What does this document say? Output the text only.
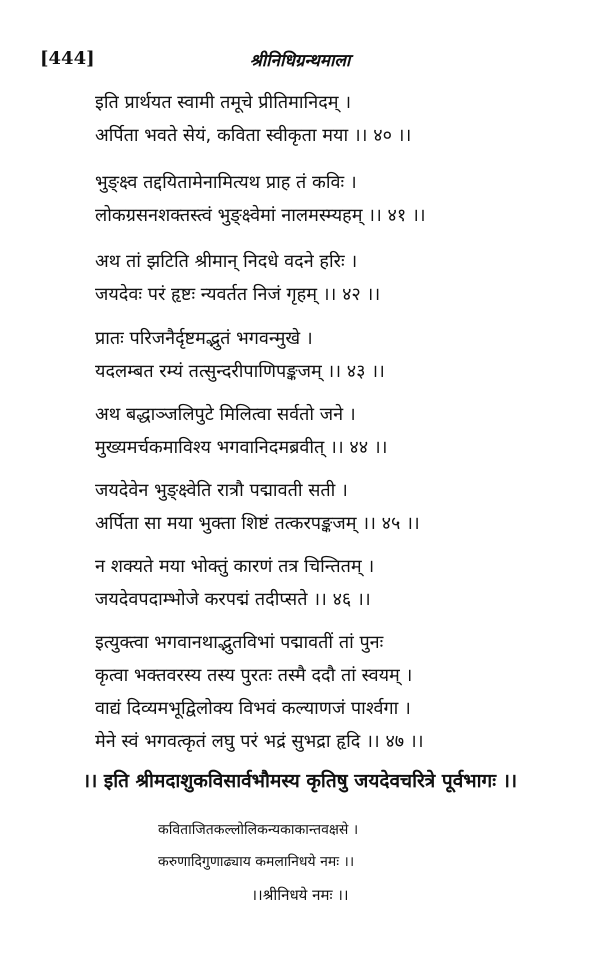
[444]	श्रीनिधिग्रन्थमाला
इति प्रार्थयत स्वामी तमूचे प्रीतिमानिदम् ।
अर्पिता भवते सेयं, कविता स्वीकृता मया ।। ४० ।।
भुङ्क्ष्व तद्दयितामेनामित्यथ प्राह तं कविः ।
लोकग्रसनशक्तस्त्वं भुङ्क्ष्वेमां नालमस्म्यहम् ।। ४१ ।।
अथ तां झटिति श्रीमान् निदधे वदने हरिः ।
जयदेवः परं हृष्टः न्यवर्तत निजं गृहम् ।। ४२ ।।
प्रातः परिजनैर्दृष्टमद्भुतं भगवन्मुखे ।
यदलम्बत रम्यं तत्सुन्दरीपाणिपङ्कजम् ।। ४३ ।।
अथ बद्धाञ्जलिपुटे मिलित्वा सर्वतो जने ।
मुख्यमर्चकमाविश्य भगवानिदमब्रवीत् ।। ४४ ।।
जयदेवेन भुङ्क्ष्वेति रात्रौ पद्मावती सती ।
अर्पिता सा मया भुक्ता शिष्टं तत्करपङ्कजम् ।। ४५ ।।
न शक्यते मया भोक्तुं कारणं तत्र चिन्तितम् ।
जयदेवपदाम्भोजे करपद्मं तदीप्सते ।। ४६ ।।
इत्युक्त्वा भगवानथाद्भुतविभां पद्मावतीं तां पुनः
कृत्वा भक्तवरस्य तस्य पुरतः तस्मै ददौ तां स्वयम् ।
वाद्यं दिव्यमभूद्विलोक्य विभवं कल्याणजं पार्श्वगा ।
मेने स्वं भगवत्कृतं लघु परं भद्रं सुभद्रा हृदि ।। ४७ ।।
।। इति श्रीमदाशुकविसार्वभौमस्य कृतिषु जयदेवचरित्रे पूर्वभागः ।।
कविताजितकल्लोलिकन्यकाकान्तवक्षसे ।
करुणादिगुणाढ्याय कमलानिधये नमः ।।
।।श्रीनिधये नमः ।।
